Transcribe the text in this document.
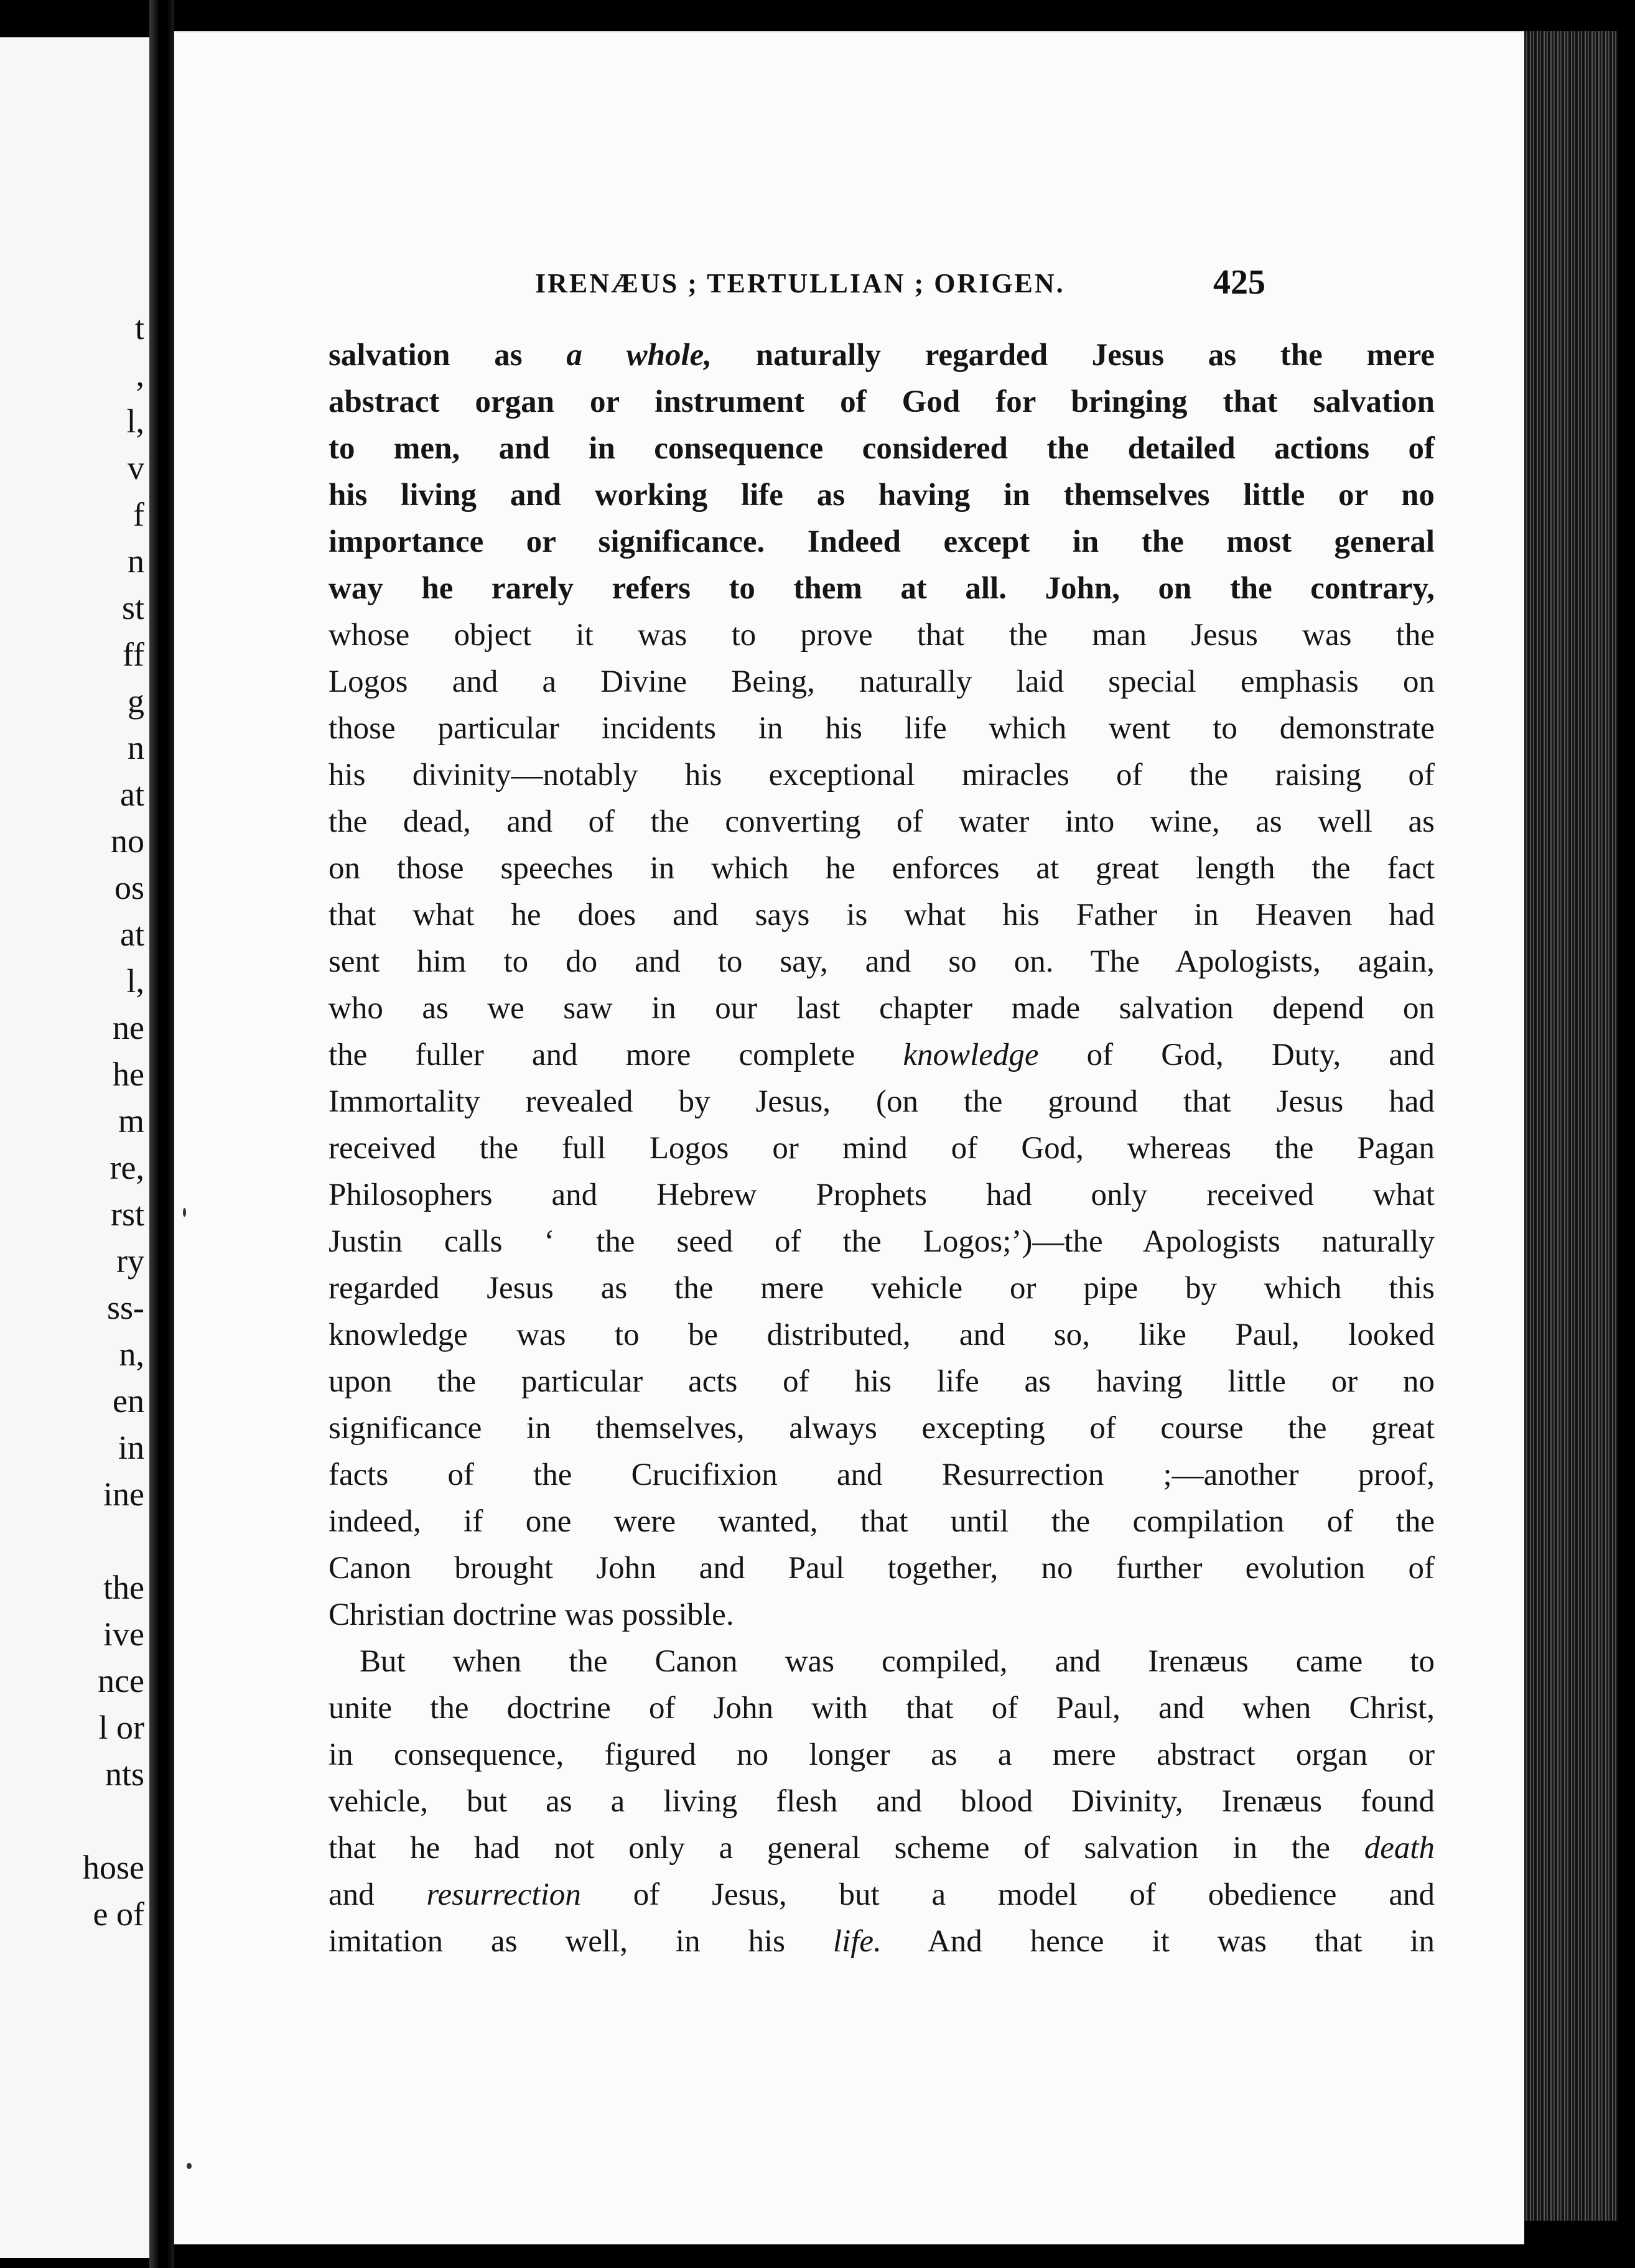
t
,
l,
v
f
n
st
ff
g
n
at
no
os
at
l,
ne
he
m
re,
rst
ry
ss-
n,
en
in
ine
the
ive
nce
l or
nts
hose
e of
IRENÆUS ; TERTULLIAN ; ORIGEN.	425
salvation as a whole, naturally regarded Jesus as the mere
abstract organ or instrument of God for bringing that salvation
to men, and in consequence considered the detailed actions of
his living and working life as having in themselves little or no
importance or significance. Indeed except in the most general
way he rarely refers to them at all. John, on the contrary,
whose object it was to prove that the man Jesus was the
Logos and a Divine Being, naturally laid special emphasis on
those particular incidents in his life which went to demonstrate
his divinity—notably his exceptional miracles of the raising of
the dead, and of the converting of water into wine, as well as
on those speeches in which he enforces at great length the fact
that what he does and says is what his Father in Heaven had
sent him to do and to say, and so on. The Apologists, again,
who as we saw in our last chapter made salvation depend on
the fuller and more complete knowledge of God, Duty, and
Immortality revealed by Jesus, (on the ground that Jesus had
received the full Logos or mind of God, whereas the Pagan
Philosophers and Hebrew Prophets had only received what
Justin calls ‘ the seed of the Logos;’)—the Apologists naturally
regarded Jesus as the mere vehicle or pipe by which this
knowledge was to be distributed, and so, like Paul, looked
upon the particular acts of his life as having little or no
significance in themselves, always excepting of course the great
facts of the Crucifixion and Resurrection ;—another proof,
indeed, if one were wanted, that until the compilation of the
Canon brought John and Paul together, no further evolution of
Christian doctrine was possible.
But when the Canon was compiled, and Irenæus came to
unite the doctrine of John with that of Paul, and when Christ,
in consequence, figured no longer as a mere abstract organ or
vehicle, but as a living flesh and blood Divinity, Irenæus found
that he had not only a general scheme of salvation in the death
and resurrection of Jesus, but a model of obedience and
imitation as well, in his life. And hence it was that in
